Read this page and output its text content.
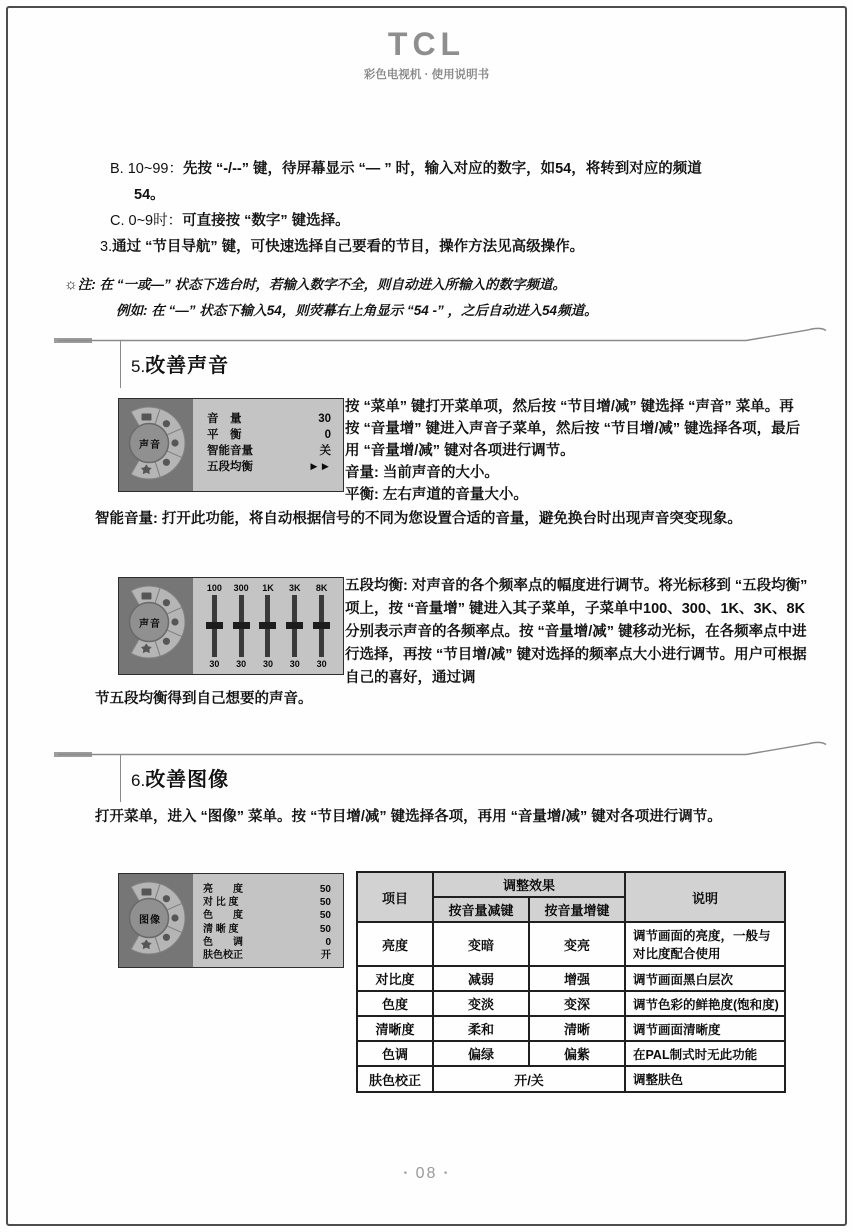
TCL
彩色电视机 · 使用说明书
B. 10~99：先按 “-/--” 键，待屏幕显示 “— ” 时，输入对应的数字，如54，将转到对应的频道
54。
C. 0~9时：可直接按 “数字” 键选择。
3.通过 “节目导航” 键，可快速选择自己要看的节目，操作方法见高级操作。
☼注: 在 “一或—” 状态下选台时，若输入数字不全，则自动进入所输入的数字频道。
例如: 在 “—” 状态下输入54，则荧幕右上角显示 “54 -” ，之后自动进入54频道。
5.改善声音
声音
音　量	30
平　衡	0
智能音量	关
五段均衡	►►
按 “菜单” 键打开菜单项，然后按 “节目增/减” 键选择 “声音” 菜单。再按 “音量增” 键进入声音子菜单，然后按 “节目增/减” 键选择各项，最后用 “音量增/减” 键对各项进行调节。
音量: 当前声音的大小。
平衡: 左右声道的音量大小。
智能音量: 打开此功能，将自动根据信号的不同为您设置合适的音量，避免换台时出现声音突变现象。
声音
100
30
300
30
1K
30
3K
30
8K
30
五段均衡: 对声音的各个频率点的幅度进行调节。将光标移到 “五段均衡” 项上，按 “音量增” 键进入其子菜单，子菜单中100、300、1K、3K、8K分别表示声音的各频率点。按 “音量增/减” 键移动光标，在各频率点中进行选择，再按 “节目增/减” 键对选择的频率点大小进行调节。用户可根据自己的喜好，通过调
节五段均衡得到自己想要的声音。
6.改善图像
打开菜单，进入 “图像” 菜单。按 “节目增/减” 键选择各项，再用 “音量增/减” 键对各项进行调节。
图像
亮　　度	50
对 比 度	50
色　　度	50
清 晰 度	50
色　　调	0
肤色校正	开
项目	调整效果		说明
	按音量减键	按音量增键	
亮度	变暗	变亮	调节画面的亮度，一般与对比度配合使用
对比度	减弱	增强	调节画面黑白层次
色度	变淡	变深	调节色彩的鲜艳度(饱和度)
清晰度	柔和	清晰	调节画面清晰度
色调	偏绿	偏紫	在PAL制式时无此功能
肤色校正	开/关		调整肤色
• 08 •
